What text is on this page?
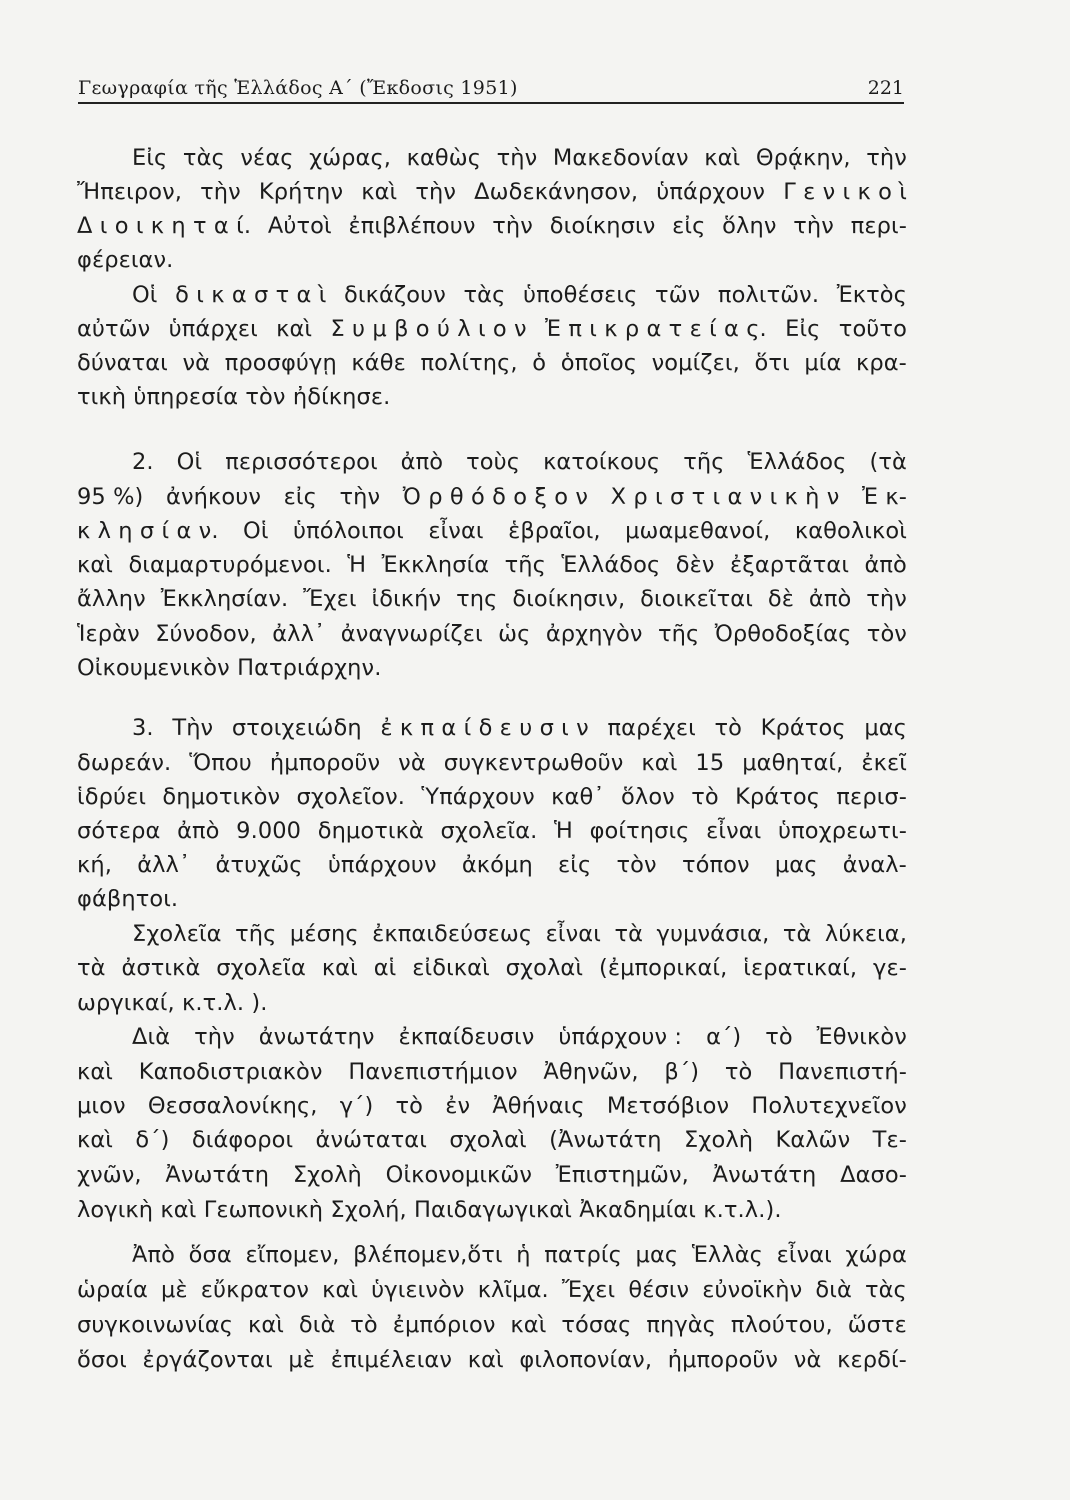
Γεωγραφία τῆς Ἑλλάδος Α΄ (Ἔκδοσις 1951)	221
Εἰς τὰς νέας χώρας, καθὼς τὴν Μακεδονίαν καὶ Θρᾴκην, τὴν
Ἤπειρον, τὴν Κρήτην καὶ τὴν Δωδεκάνησον, ὑπάρχουν Γ ε ν ι κ ο ὶ
Δ ι ο ι κ η τ α ί. Αὐτοὶ ἐπιβλέπουν τὴν διοίκησιν εἰς ὅλην τὴν περι-
φέρειαν.
Οἱ δ ι κ α σ τ α ὶ δικάζουν τὰς ὑποθέσεις τῶν πολιτῶν. Ἐκτὸς
αὐτῶν ὑπάρχει καὶ Σ υ μ β ο ύ λ ι ο ν Ἐ π ι κ ρ α τ ε ί α ς. Εἰς τοῦτο
δύναται νὰ προσφύγῃ κάθε πολίτης, ὁ ὁποῖος νομίζει, ὅτι μία κρα-
τικὴ ὑπηρεσία τὸν ἠδίκησε.
2. Οἱ περισσότεροι ἀπὸ τοὺς κατοίκους τῆς Ἑλλάδος (τὰ
95 %) ἀνήκουν εἰς τὴν Ὀ ρ θ ό δ ο ξ ο ν Χ ρ ι σ τ ι α ν ι κ ὴ ν Ἐ κ-
κ λ η σ ί α ν. Οἱ ὑπόλοιποι εἶναι ἑβραῖοι, μωαμεθανοί, καθολικοὶ
καὶ διαμαρτυρόμενοι. Ἡ Ἐκκλησία τῆς Ἑλλάδος δὲν ἐξαρτᾶται ἀπὸ
ἄλλην Ἐκκλησίαν. Ἔχει ἰδικήν της διοίκησιν, διοικεῖται δὲ ἀπὸ τὴν
Ἱερὰν Σύνοδον, ἀλλ᾽ ἀναγνωρίζει ὡς ἀρχηγὸν τῆς Ὀρθοδοξίας τὸν
Οἰκουμενικὸν Πατριάρχην.
3. Τὴν στοιχειώδη ἐ κ π α ί δ ε υ σ ι ν παρέχει τὸ Κράτος μας
δωρεάν. Ὅπου ἠμποροῦν νὰ συγκεντρωθοῦν καὶ 15 μαθηταί, ἐκεῖ
ἱδρύει δημοτικὸν σχολεῖον. Ὑπάρχουν καθ᾽ ὅλον τὸ Κράτος περισ-
σότερα ἀπὸ 9.000 δημοτικὰ σχολεῖα. Ἡ φοίτησις εἶναι ὑποχρεωτι-
κή, ἀλλ᾽ ἀτυχῶς ὑπάρχουν ἀκόμη εἰς τὸν τόπον μας ἀναλ-
φάβητοι.
Σχολεῖα τῆς μέσης ἐκπαιδεύσεως εἶναι τὰ γυμνάσια, τὰ λύκεια,
τὰ ἀστικὰ σχολεῖα καὶ αἱ εἰδικαὶ σχολαὶ (ἐμπορικαί, ἱερατικαί, γε-
ωργικαί, κ.τ.λ. ).
Διὰ τὴν ἀνωτάτην ἐκπαίδευσιν ὑπάρχουν : α΄) τὸ Ἐθνικὸν
καὶ Καποδιστριακὸν Πανεπιστήμιον Ἀθηνῶν, β΄) τὸ Πανεπιστή-
μιον Θεσσαλονίκης, γ΄) τὸ ἐν Ἀθήναις Μετσόβιον Πολυτεχνεῖον
καὶ δ΄) διάφοροι ἀνώταται σχολαὶ (Ἀνωτάτη Σχολὴ Καλῶν Τε-
χνῶν, Ἀνωτάτη Σχολὴ Οἰκονομικῶν Ἐπιστημῶν, Ἀνωτάτη Δασο-
λογικὴ καὶ Γεωπονικὴ Σχολή, Παιδαγωγικαὶ Ἀκαδημίαι κ.τ.λ.).
Ἀπὸ ὅσα εἴπομεν, βλέπομεν,ὅτι ἡ πατρίς μας Ἑλλὰς εἶναι χώρα
ὡραία μὲ εὔκρατον καὶ ὑγιεινὸν κλῖμα. Ἔχει θέσιν εὐνοϊκὴν διὰ τὰς
συγκοινωνίας καὶ διὰ τὸ ἐμπόριον καὶ τόσας πηγὰς πλούτου, ὥστε
ὅσοι ἐργάζονται μὲ ἐπιμέλειαν καὶ φιλοπονίαν, ἠμποροῦν νὰ κερδί-
